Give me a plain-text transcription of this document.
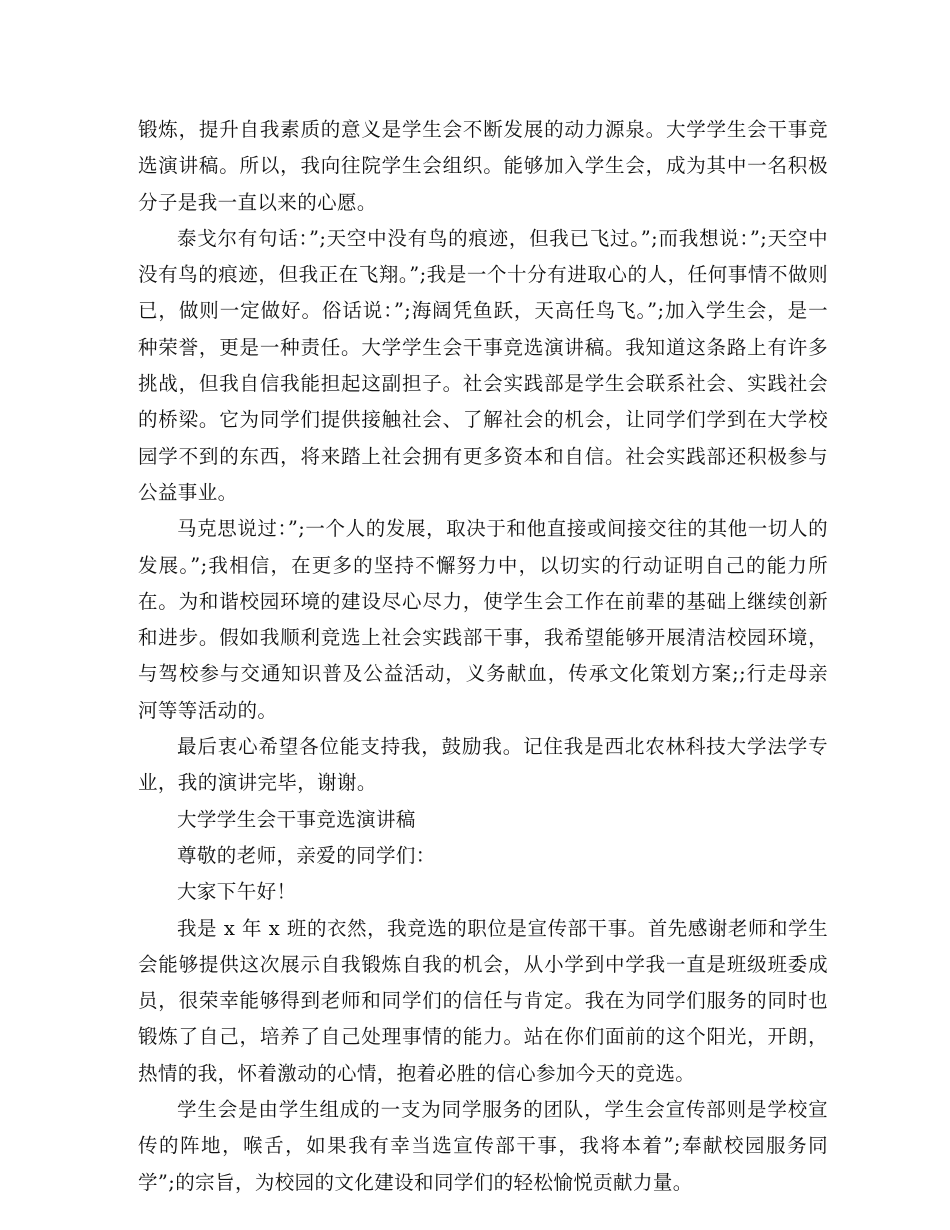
锻炼，提升自我素质的意义是学生会不断发展的动力源泉。大学学生会干事竞选演讲稿。所以，我向往院学生会组织。能够加入学生会，成为其中一名积极分子是我一直以来的心愿。

泰戈尔有句话：”;天空中没有鸟的痕迹，但我已飞过。”;而我想说：”;天空中没有鸟的痕迹，但我正在飞翔。”;我是一个十分有进取心的人，任何事情不做则已，做则一定做好。俗话说：”;海阔凭鱼跃，天高任鸟飞。”;加入学生会，是一种荣誉，更是一种责任。大学学生会干事竞选演讲稿。我知道这条路上有许多挑战，但我自信我能担起这副担子。社会实践部是学生会联系社会、实践社会的桥梁。它为同学们提供接触社会、了解社会的机会，让同学们学到在大学校园学不到的东西，将来踏上社会拥有更多资本和自信。社会实践部还积极参与公益事业。

马克思说过：”;一个人的发展，取决于和他直接或间接交往的其他一切人的发展。”;我相信，在更多的坚持不懈努力中，以切实的行动证明自己的能力所在。为和谐校园环境的建设尽心尽力，使学生会工作在前辈的基础上继续创新和进步。假如我顺利竞选上社会实践部干事，我希望能够开展清洁校园环境，与驾校参与交通知识普及公益活动，义务献血，传承文化策划方案;;行走母亲河等等活动的。

最后衷心希望各位能支持我，鼓励我。记住我是西北农林科技大学法学专业，我的演讲完毕，谢谢。

大学学生会干事竞选演讲稿

尊敬的老师，亲爱的同学们：

大家下午好！

我是 x 年 x 班的衣然，我竞选的职位是宣传部干事。首先感谢老师和学生会能够提供这次展示自我锻炼自我的机会，从小学到中学我一直是班级班委成员，很荣幸能够得到老师和同学们的信任与肯定。我在为同学们服务的同时也锻炼了自己，培养了自己处理事情的能力。站在你们面前的这个阳光，开朗，热情的我，怀着激动的心情，抱着必胜的信心参加今天的竞选。

学生会是由学生组成的一支为同学服务的团队，学生会宣传部则是学校宣传的阵地，喉舌，如果我有幸当选宣传部干事，我将本着”;奉献校园服务同学”;的宗旨，为校园的文化建设和同学们的轻松愉悦贡献力量。
